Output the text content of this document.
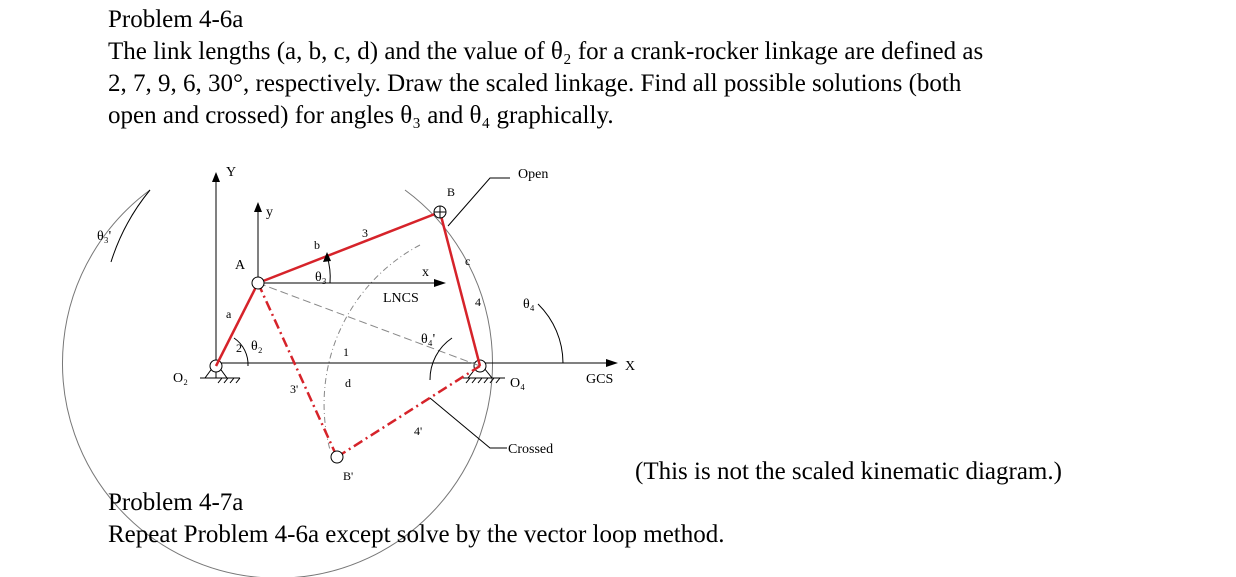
Problem 4-6a
The link lengths (a, b, c, d) and the value of θ₂ for a crank-rocker linkage are defined as
2, 7, 9, 6, 30°, respectively. Draw the scaled linkage. Find all possible solutions (both
open and crossed) for angles θ₃ and θ₄ graphically.
Y
y
x
X
θ₃'
A
a
2 θ₂
O₂
b
θ₃
3
3'
1
d
B
B'
c
4
4'
LNCS	θ₄
θ₄'
O₄	GCS
Open
Crossed
(This is not the scaled kinematic diagram.)
Problem 4-7a
Repeat Problem 4-6a except solve by the vector loop method.
